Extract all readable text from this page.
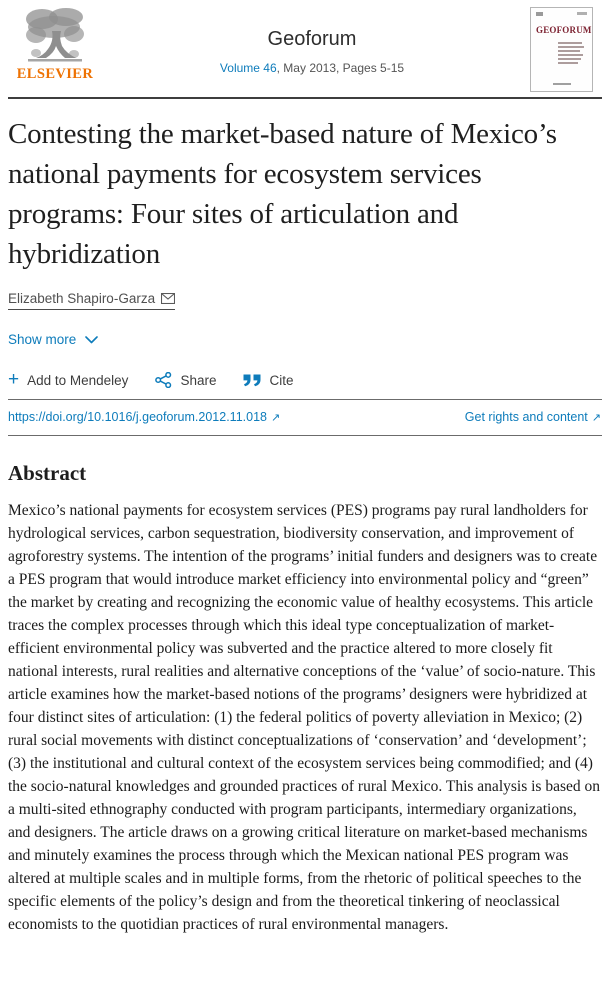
ELSEVIER
Geoforum
Volume 46, May 2013, Pages 5-15
GEOFORUM
Contesting the market-based nature of Mexico’s national payments for ecosystem services programs: Four sites of articulation and hybridization
Elizabeth Shapiro-Garza
Show more
+ Add to Mendeley	Share	Cite
https://doi.org/10.1016/j.geoforum.2012.11.018 ↗	Get rights and content ↗
Abstract

Mexico’s national payments for ecosystem services (PES) programs pay rural landholders for hydrological services, carbon sequestration, biodiversity conservation, and improvement of agroforestry systems. The intention of the programs’ initial funders and designers was to create a PES program that would introduce market efficiency into environmental policy and “green” the market by creating and recognizing the economic value of healthy ecosystems. This article traces the complex processes through which this ideal type conceptualization of market-efficient environmental policy was subverted and the practice altered to more closely fit national interests, rural realities and alternative conceptions of the ‘value’ of socio-nature. This article examines how the market-based notions of the programs’ designers were hybridized at four distinct sites of articulation: (1) the federal politics of poverty alleviation in Mexico; (2) rural social movements with distinct conceptualizations of ‘conservation’ and ‘development’; (3) the institutional and cultural context of the ecosystem services being commodified; and (4) the socio-natural knowledges and grounded practices of rural Mexico. This analysis is based on a multi-sited ethnography conducted with program participants, intermediary organizations, and designers. The article draws on a growing critical literature on market-based mechanisms and minutely examines the process through which the Mexican national PES program was altered at multiple scales and in multiple forms, from the rhetoric of political speeches to the specific elements of the policy’s design and from the theoretical tinkering of neoclassical economists to the quotidian practices of rural environmental managers.
